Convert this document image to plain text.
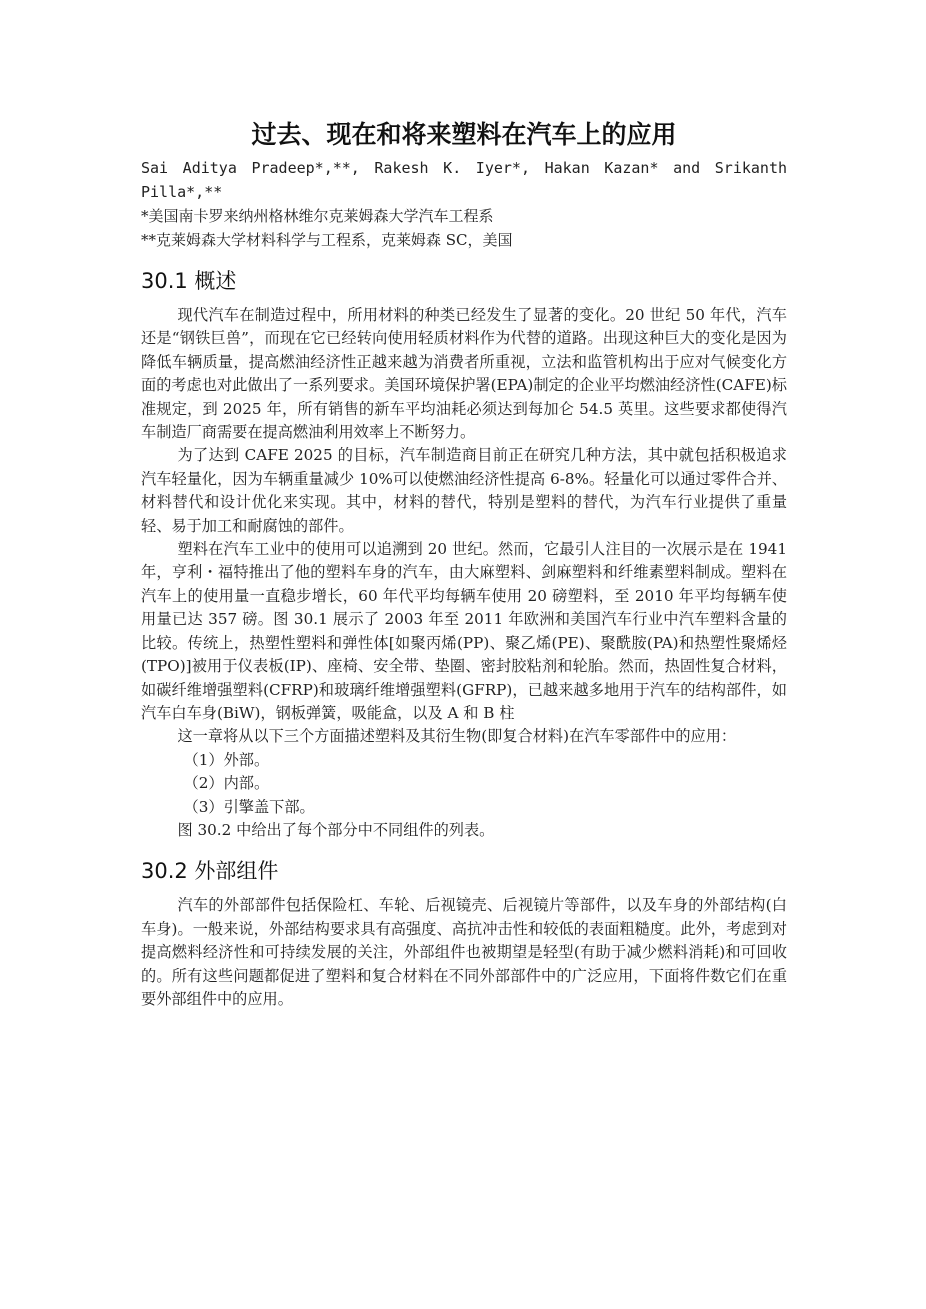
过去、现在和将来塑料在汽车上的应用

Sai Aditya Pradeep*,**, Rakesh K. Iyer*, Hakan Kazan* and Srikanth Pilla*,**

*美国南卡罗来纳州格林维尔克莱姆森大学汽车工程系

**克莱姆森大学材料科学与工程系，克莱姆森 SC，美国

30.1 概述

现代汽车在制造过程中，所用材料的种类已经发生了显著的变化。20 世纪 50 年代，汽车还是“钢铁巨兽”，而现在它已经转向使用轻质材料作为代替的道路。出现这种巨大的变化是因为降低车辆质量，提高燃油经济性正越来越为消费者所重视，立法和监管机构出于应对气候变化方面的考虑也对此做出了一系列要求。美国环境保护署(EPA)制定的企业平均燃油经济性(CAFE)标准规定，到 2025 年，所有销售的新车平均油耗必须达到每加仑 54.5 英里。这些要求都使得汽车制造厂商需要在提高燃油利用效率上不断努力。

为了达到 CAFE 2025 的目标，汽车制造商目前正在研究几种方法，其中就包括积极追求汽车轻量化，因为车辆重量减少 10%可以使燃油经济性提高 6-8%。轻量化可以通过零件合并、材料替代和设计优化来实现。其中，材料的替代，特别是塑料的替代，为汽车行业提供了重量轻、易于加工和耐腐蚀的部件。

塑料在汽车工业中的使用可以追溯到 20 世纪。然而，它最引人注目的一次展示是在 1941 年，亨利・福特推出了他的塑料车身的汽车，由大麻塑料、剑麻塑料和纤维素塑料制成。塑料在汽车上的使用量一直稳步增长，60 年代平均每辆车使用 20 磅塑料，至 2010 年平均每辆车使用量已达 357 磅。图 30.1 展示了 2003 年至 2011 年欧洲和美国汽车行业中汽车塑料含量的比较。传统上，热塑性塑料和弹性体[如聚丙烯(PP)、聚乙烯(PE)、聚酰胺(PA)和热塑性聚烯烃(TPO)]被用于仪表板(IP)、座椅、安全带、垫圈、密封胶粘剂和轮胎。然而，热固性复合材料，如碳纤维增强塑料(CFRP)和玻璃纤维增强塑料(GFRP)，已越来越多地用于汽车的结构部件，如汽车白车身(BiW)，钢板弹簧，吸能盒，以及 A 和 B 柱

这一章将从以下三个方面描述塑料及其衍生物(即复合材料)在汽车零部件中的应用：

（1）外部。

（2）内部。

（3）引擎盖下部。

图 30.2 中给出了每个部分中不同组件的列表。

30.2 外部组件

汽车的外部部件包括保险杠、车轮、后视镜壳、后视镜片等部件，以及车身的外部结构(白车身)。一般来说，外部结构要求具有高强度、高抗冲击性和较低的表面粗糙度。此外，考虑到对提高燃料经济性和可持续发展的关注，外部组件也被期望是轻型(有助于减少燃料消耗)和可回收的。所有这些问题都促进了塑料和复合材料在不同外部部件中的广泛应用，下面将件数它们在重要外部组件中的应用。
